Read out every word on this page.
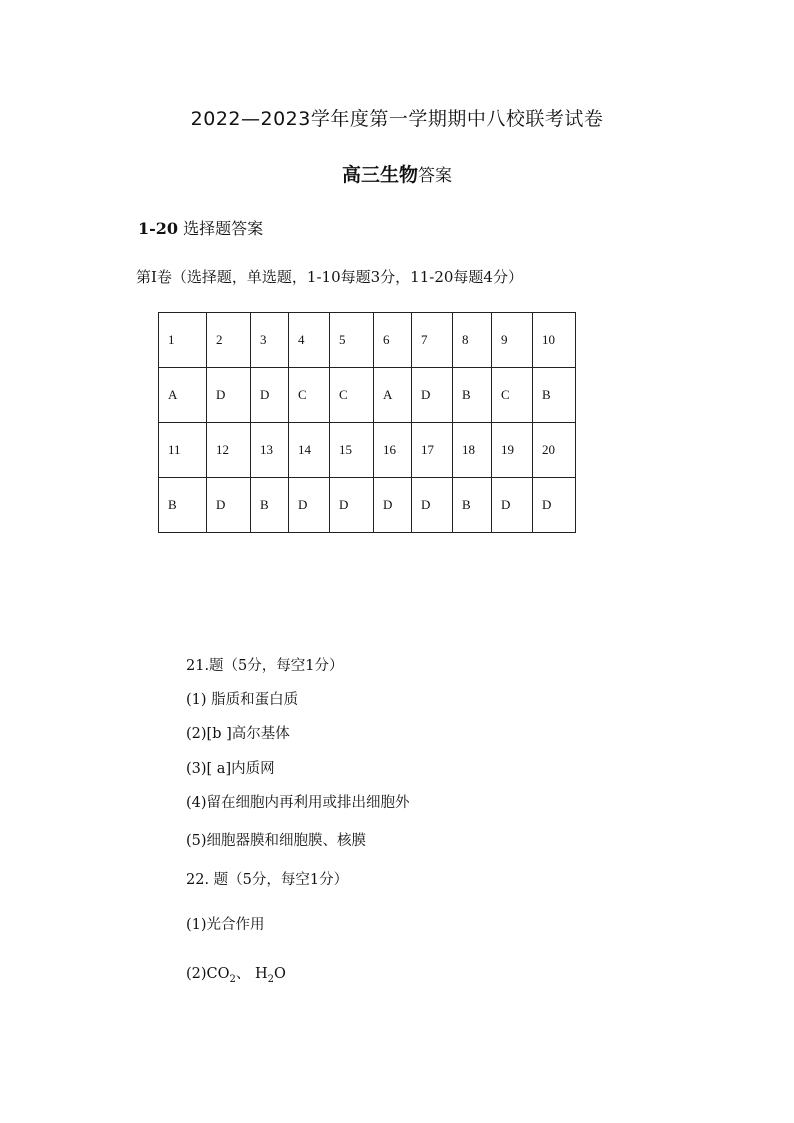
2022—2023学年度第一学期期中八校联考试卷
高三生物答案
1-20 选择题答案
第Ⅰ卷（选择题，单选题，1-10每题3分，11-20每题4分）
1	2	3	4	5	6	7	8	9	10
A	D	D	C	C	A	D	B	C	B
11	12	13	14	15	16	17	18	19	20
B	D	B	D	D	D	D	B	D	D
21.题（5分，每空1分）
(1) 脂质和蛋白质
(2)[b ]高尔基体
(3)[ a]内质网
(4)留在细胞内再利用或排出细胞外
(5)细胞器膜和细胞膜、核膜
22. 题（5分，每空1分）
(1)光合作用
$(2)CO_2$、 $H_2O$
